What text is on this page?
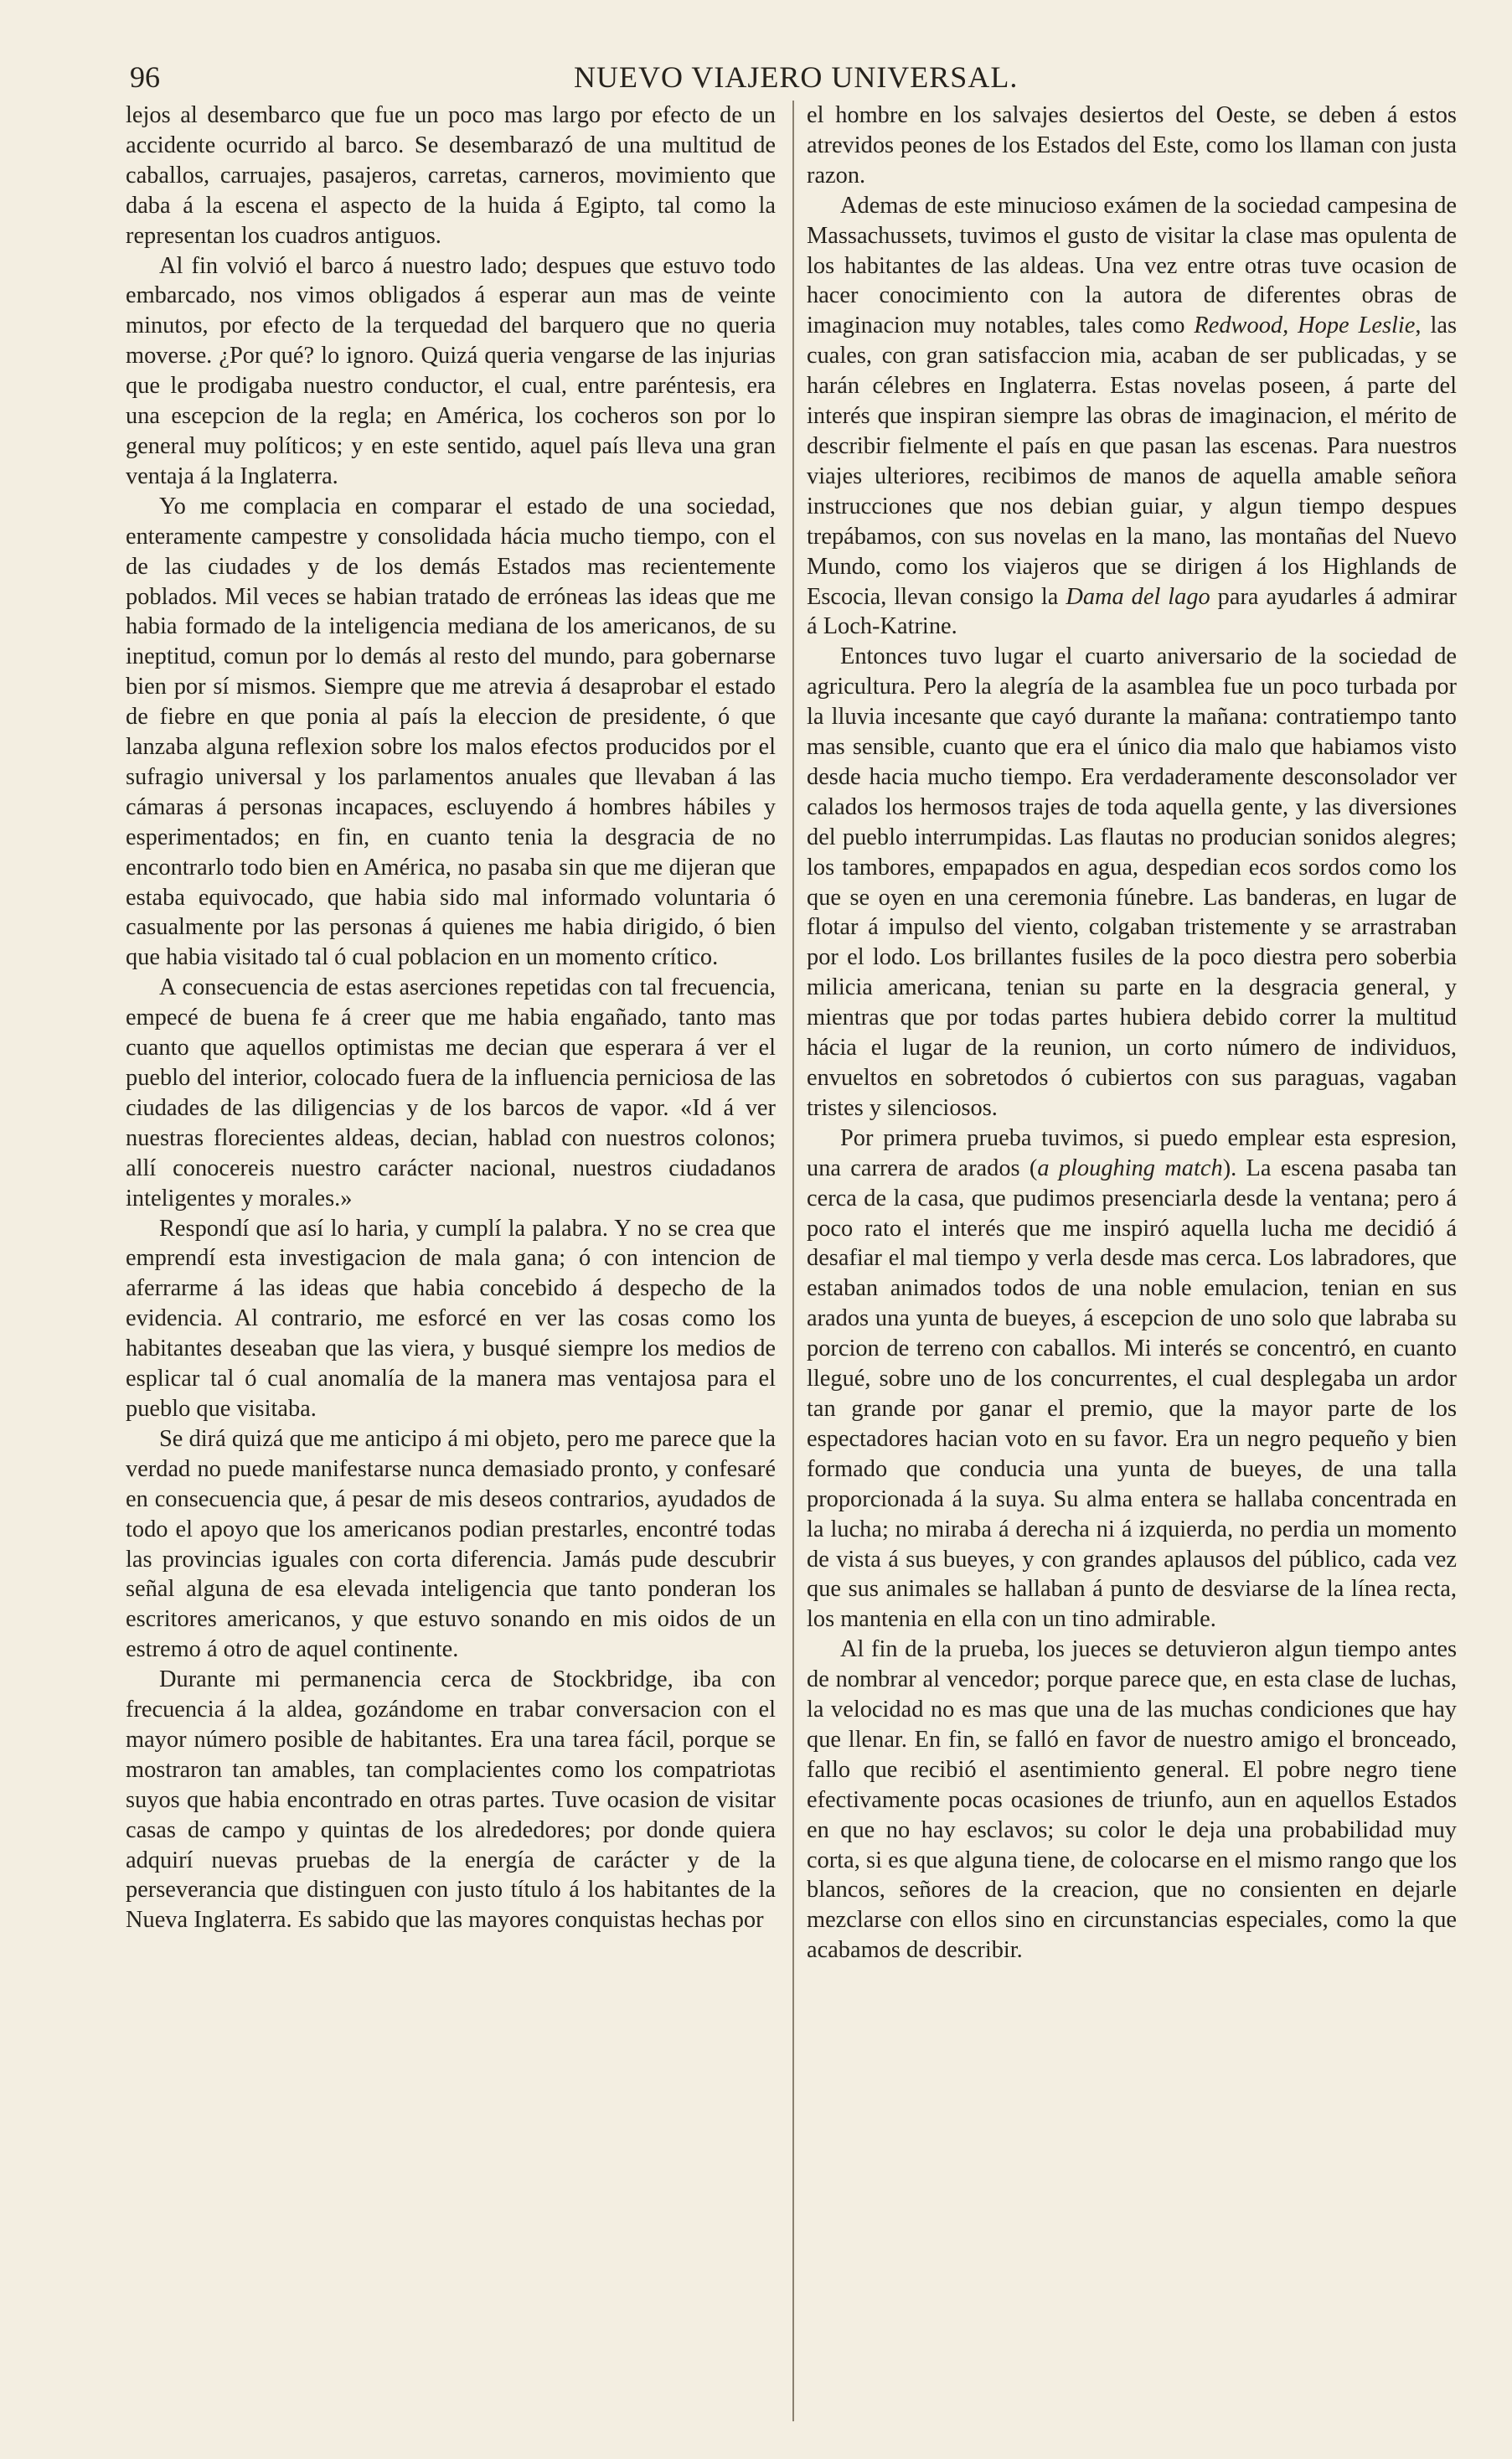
96	NUEVO VIAJERO UNIVERSAL.

lejos al desembarco que fue un poco mas largo por efecto de un accidente ocurrido al barco. Se desembarazó de una multitud de caballos, carruajes, pasajeros, carretas, carneros, movimiento que daba á la escena el aspecto de la huida á Egipto, tal como la representan los cuadros antiguos.

Al fin volvió el barco á nuestro lado; despues que estuvo todo embarcado, nos vimos obligados á esperar aun mas de veinte minutos, por efecto de la terquedad del barquero que no queria moverse. ¿Por qué? lo ignoro. Quizá queria vengarse de las injurias que le prodigaba nuestro conductor, el cual, entre paréntesis, era una escepcion de la regla; en América, los cocheros son por lo general muy políticos; y en este sentido, aquel país lleva una gran ventaja á la Inglaterra.

Yo me complacia en comparar el estado de una sociedad, enteramente campestre y consolidada hácia mucho tiempo, con el de las ciudades y de los demás Estados mas recientemente poblados. Mil veces se habian tratado de erróneas las ideas que me habia formado de la inteligencia mediana de los americanos, de su ineptitud, comun por lo demás al resto del mundo, para gobernarse bien por sí mismos. Siempre que me atrevia á desaprobar el estado de fiebre en que ponia al país la eleccion de presidente, ó que lanzaba alguna reflexion sobre los malos efectos producidos por el sufragio universal y los parlamentos anuales que llevaban á las cámaras á personas incapaces, escluyendo á hombres hábiles y esperimentados; en fin, en cuanto tenia la desgracia de no encontrarlo todo bien en América, no pasaba sin que me dijeran que estaba equivocado, que habia sido mal informado voluntaria ó casualmente por las personas á quienes me habia dirigido, ó bien que habia visitado tal ó cual poblacion en un momento crítico.

A consecuencia de estas aserciones repetidas con tal frecuencia, empecé de buena fe á creer que me habia engañado, tanto mas cuanto que aquellos optimistas me decian que esperara á ver el pueblo del interior, colocado fuera de la influencia perniciosa de las ciudades de las diligencias y de los barcos de vapor. «Id á ver nuestras florecientes aldeas, decian, hablad con nuestros colonos; allí conocereis nuestro carácter nacional, nuestros ciudadanos inteligentes y morales.»

Respondí que así lo haria, y cumplí la palabra. Y no se crea que emprendí esta investigacion de mala gana; ó con intencion de aferrarme á las ideas que habia concebido á despecho de la evidencia. Al contrario, me esforcé en ver las cosas como los habitantes deseaban que las viera, y busqué siempre los medios de esplicar tal ó cual anomalía de la manera mas ventajosa para el pueblo que visitaba.

Se dirá quizá que me anticipo á mi objeto, pero me parece que la verdad no puede manifestarse nunca demasiado pronto, y confesaré en consecuencia que, á pesar de mis deseos contrarios, ayudados de todo el apoyo que los americanos podian prestarles, encontré todas las provincias iguales con corta diferencia. Jamás pude descubrir señal alguna de esa elevada inteligencia que tanto ponderan los escritores americanos, y que estuvo sonando en mis oidos de un estremo á otro de aquel continente.

Durante mi permanencia cerca de Stockbridge, iba con frecuencia á la aldea, gozándome en trabar conversacion con el mayor número posible de habitantes. Era una tarea fácil, porque se mostraron tan amables, tan complacientes como los compatriotas suyos que habia encontrado en otras partes. Tuve ocasion de visitar casas de campo y quintas de los alrededores; por donde quiera adquirí nuevas pruebas de la energía de carácter y de la perseverancia que distinguen con justo título á los habitantes de la Nueva Inglaterra. Es sabido que las mayores conquistas hechas por

el hombre en los salvajes desiertos del Oeste, se deben á estos atrevidos peones de los Estados del Este, como los llaman con justa razon.

Ademas de este minucioso exámen de la sociedad campesina de Massachussets, tuvimos el gusto de visitar la clase mas opulenta de los habitantes de las aldeas. Una vez entre otras tuve ocasion de hacer conocimiento con la autora de diferentes obras de imaginacion muy notables, tales como Redwood, Hope Leslie, las cuales, con gran satisfaccion mia, acaban de ser publicadas, y se harán célebres en Inglaterra. Estas novelas poseen, á parte del interés que inspiran siempre las obras de imaginacion, el mérito de describir fielmente el país en que pasan las escenas. Para nuestros viajes ulteriores, recibimos de manos de aquella amable señora instrucciones que nos debian guiar, y algun tiempo despues trepábamos, con sus novelas en la mano, las montañas del Nuevo Mundo, como los viajeros que se dirigen á los Highlands de Escocia, llevan consigo la Dama del lago para ayudarles á admirar á Loch-Katrine.

Entonces tuvo lugar el cuarto aniversario de la sociedad de agricultura. Pero la alegría de la asamblea fue un poco turbada por la lluvia incesante que cayó durante la mañana: contratiempo tanto mas sensible, cuanto que era el único dia malo que habiamos visto desde hacia mucho tiempo. Era verdaderamente desconsolador ver calados los hermosos trajes de toda aquella gente, y las diversiones del pueblo interrumpidas. Las flautas no producian sonidos alegres; los tambores, empapados en agua, despedian ecos sordos como los que se oyen en una ceremonia fúnebre. Las banderas, en lugar de flotar á impulso del viento, colgaban tristemente y se arrastraban por el lodo. Los brillantes fusiles de la poco diestra pero soberbia milicia americana, tenian su parte en la desgracia general, y mientras que por todas partes hubiera debido correr la multitud hácia el lugar de la reunion, un corto número de individuos, envueltos en sobretodos ó cubiertos con sus paraguas, vagaban tristes y silenciosos.

Por primera prueba tuvimos, si puedo emplear esta espresion, una carrera de arados (a ploughing match). La escena pasaba tan cerca de la casa, que pudimos presenciarla desde la ventana; pero á poco rato el interés que me inspiró aquella lucha me decidió á desafiar el mal tiempo y verla desde mas cerca. Los labradores, que estaban animados todos de una noble emulacion, tenian en sus arados una yunta de bueyes, á escepcion de uno solo que labraba su porcion de terreno con caballos. Mi interés se concentró, en cuanto llegué, sobre uno de los concurrentes, el cual desplegaba un ardor tan grande por ganar el premio, que la mayor parte de los espectadores hacian voto en su favor. Era un negro pequeño y bien formado que conducia una yunta de bueyes, de una talla proporcionada á la suya. Su alma entera se hallaba concentrada en la lucha; no miraba á derecha ni á izquierda, no perdia un momento de vista á sus bueyes, y con grandes aplausos del público, cada vez que sus animales se hallaban á punto de desviarse de la línea recta, los mantenia en ella con un tino admirable.

Al fin de la prueba, los jueces se detuvieron algun tiempo antes de nombrar al vencedor; porque parece que, en esta clase de luchas, la velocidad no es mas que una de las muchas condiciones que hay que llenar. En fin, se falló en favor de nuestro amigo el bronceado, fallo que recibió el asentimiento general. El pobre negro tiene efectivamente pocas ocasiones de triunfo, aun en aquellos Estados en que no hay esclavos; su color le deja una probabilidad muy corta, si es que alguna tiene, de colocarse en el mismo rango que los blancos, señores de la creacion, que no consienten en dejarle mezclarse con ellos sino en circunstancias especiales, como la que acabamos de describir.
